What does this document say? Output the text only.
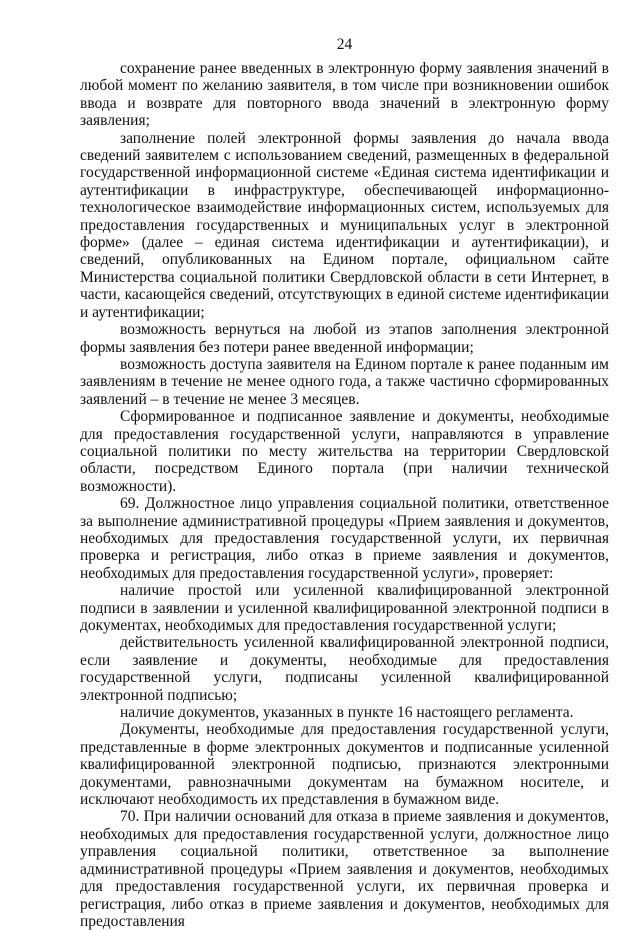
24

сохранение ранее введенных в электронную форму заявления значений в любой момент по желанию заявителя, в том числе при возникновении ошибок ввода и возврате для повторного ввода значений в электронную форму заявления;

заполнение полей электронной формы заявления до начала ввода сведений заявителем с использованием сведений, размещенных в федеральной государственной информационной системе «Единая система идентификации и аутентификации в инфраструктуре, обеспечивающей информационно-технологическое взаимодействие информационных систем, используемых для предоставления государственных и муниципальных услуг в электронной форме» (далее – единая система идентификации и аутентификации), и сведений, опубликованных на Едином портале, официальном сайте Министерства социальной политики Свердловской области в сети Интернет, в части, касающейся сведений, отсутствующих в единой системе идентификации и аутентификации;

возможность вернуться на любой из этапов заполнения электронной формы заявления без потери ранее введенной информации;

возможность доступа заявителя на Едином портале к ранее поданным им заявлениям в течение не менее одного года, а также частично сформированных заявлений – в течение не менее 3 месяцев.

Сформированное и подписанное заявление и документы, необходимые для предоставления государственной услуги, направляются в управление социальной политики по месту жительства на территории Свердловской области, посредством Единого портала (при наличии технической возможности).

69. Должностное лицо управления социальной политики, ответственное за выполнение административной процедуры «Прием заявления и документов, необходимых для предоставления государственной услуги, их первичная проверка и регистрация, либо отказ в приеме заявления и документов, необходимых для предоставления государственной услуги», проверяет:

наличие простой или усиленной квалифицированной электронной подписи в заявлении и усиленной квалифицированной электронной подписи в документах, необходимых для предоставления государственной услуги;

действительность усиленной квалифицированной электронной подписи, если заявление и документы, необходимые для предоставления государственной услуги, подписаны усиленной квалифицированной электронной подписью;

наличие документов, указанных в пункте 16 настоящего регламента.

Документы, необходимые для предоставления государственной услуги, представленные в форме электронных документов и подписанные усиленной квалифицированной электронной подписью, признаются электронными документами, равнозначными документам на бумажном носителе, и исключают необходимость их представления в бумажном виде.

70. При наличии оснований для отказа в приеме заявления и документов, необходимых для предоставления государственной услуги, должностное лицо управления социальной политики, ответственное за выполнение административной процедуры «Прием заявления и документов, необходимых для предоставления государственной услуги, их первичная проверка и регистрация, либо отказ в приеме заявления и документов, необходимых для предоставления
